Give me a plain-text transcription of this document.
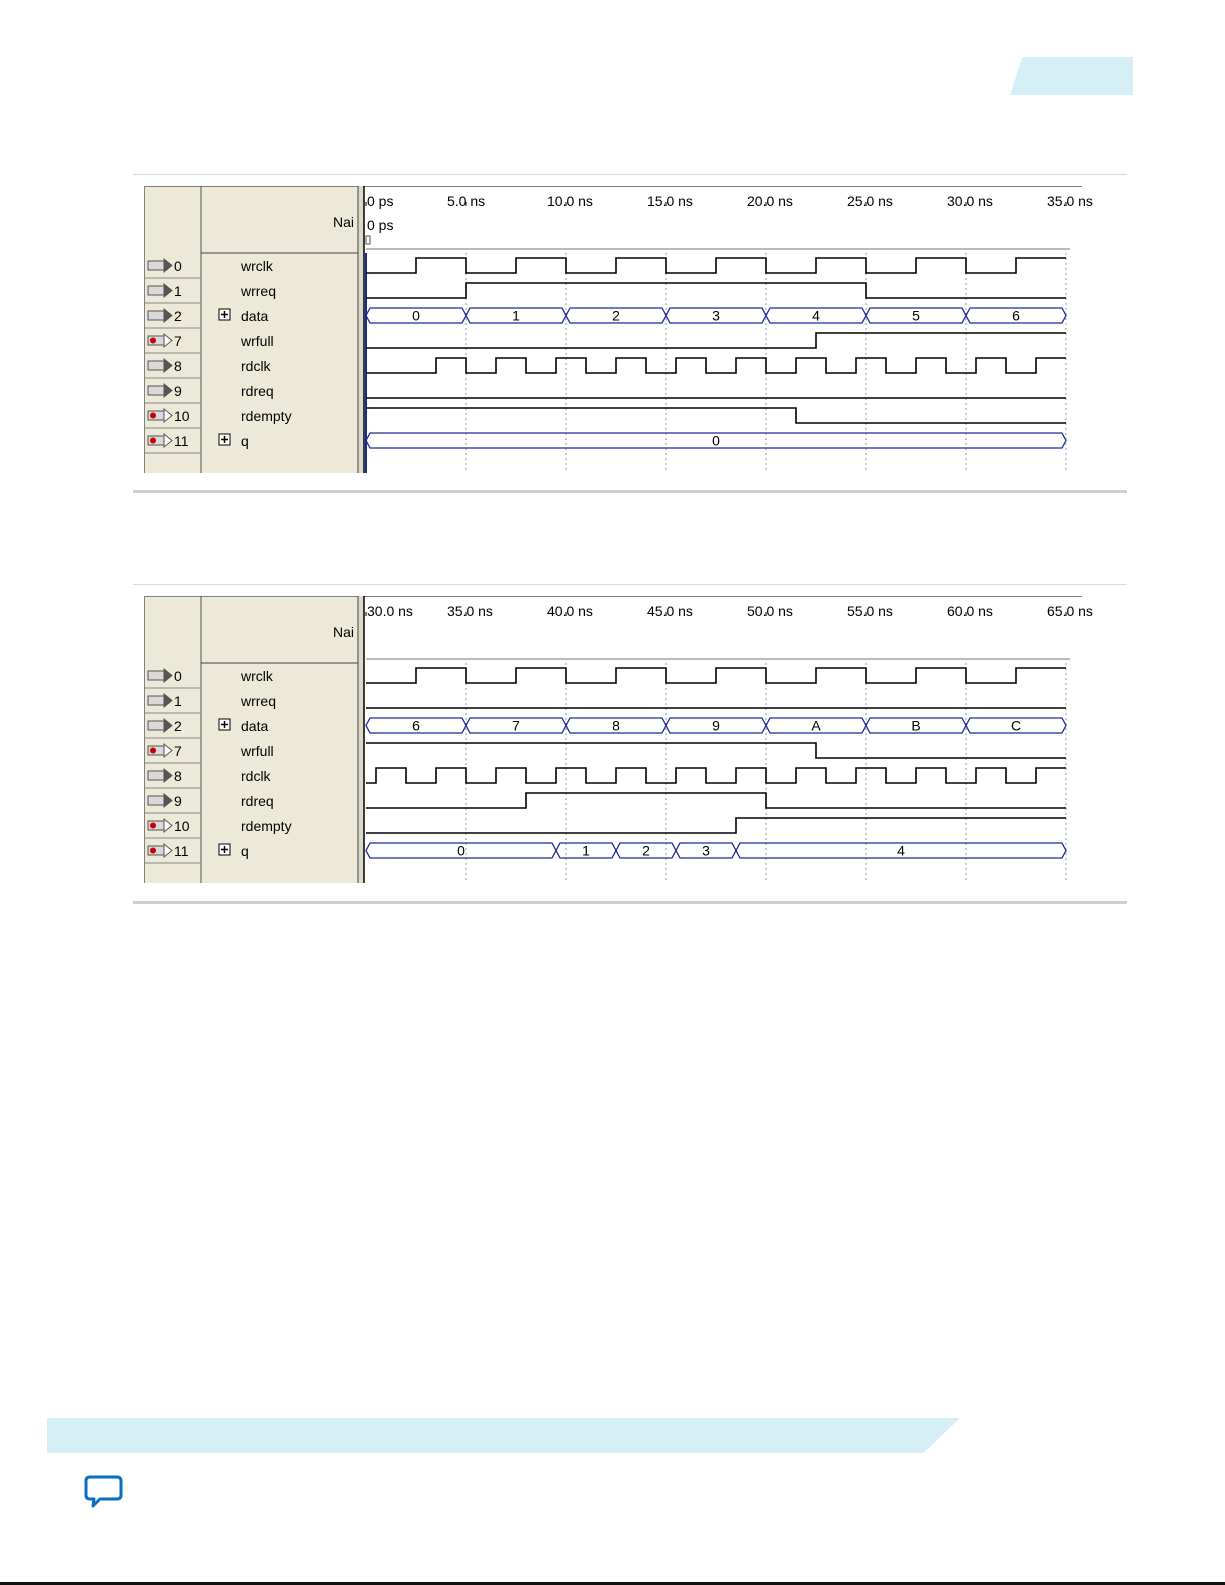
Nai
0 ps	5.0 ns	10.0 ns	15.0 ns	20.0 ns	25.0 ns	30.0 ns	35.0 ns
0 ps
0	wrclk
1	wrreq
2	data	0	1	2	3	4	5	6
7	wrfull
8	rdclk
9	rdreq
10	rdempty
11	q	0
Nai
30.0 ns 35.0 ns	40.0 ns	45.0 ns	50.0 ns	55.0 ns	60.0 ns	65.0 ns
0	wrclk
1	wrreq
2	data	6	7	8	9	A	B	C
7	wrfull
8	rdclk
9	rdreq
10	rdempty
11	q	0	1	2	3	4
